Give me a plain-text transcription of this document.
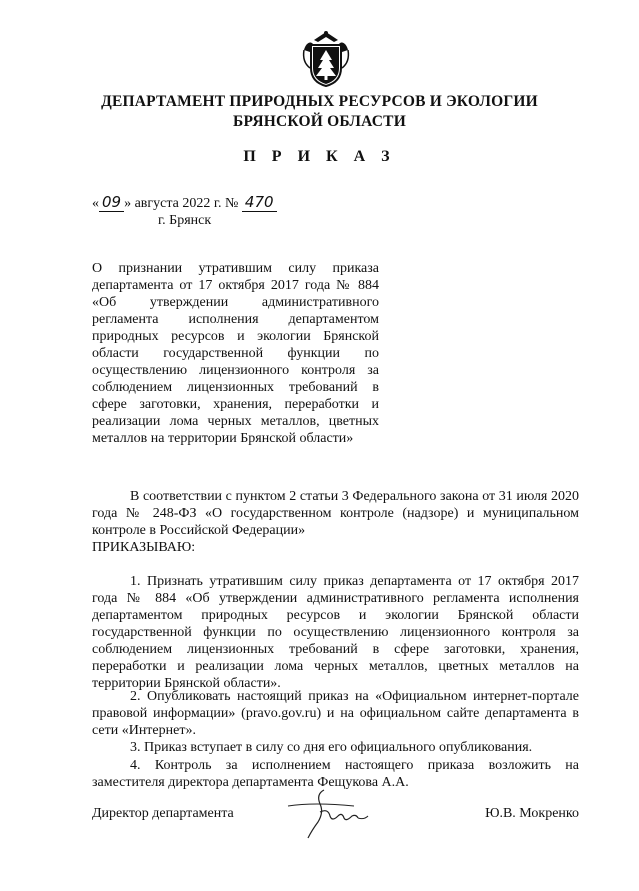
ДЕПАРТАМЕНТ ПРИРОДНЫХ РЕСУРСОВ И ЭКОЛОГИИ
БРЯНСКОЙ ОБЛАСТИ
П Р И К А З
« 09 » августа 2022 г. № 470
г. Брянск

О признании утратившим силу приказа департамента от 17 октября 2017 года № 884 «Об утверждении административного регламента исполнения департаментом природных ресурсов и экологии Брянской области государственной функции по осуществлению лицензионного контроля за соблюдением лицензионных требований в сфере заготовки, хранения, переработки и реализации лома черных металлов, цветных металлов на территории Брянской области»

В соответствии с пунктом 2 статьи 3 Федерального закона от 31 июля 2020 года № 248-ФЗ «О государственном контроле (надзоре) и муниципальном контроле в Российской Федерации»

ПРИКАЗЫВАЮ:

1. Признать утратившим силу приказ департамента от 17 октября 2017 года № 884 «Об утверждении административного регламента исполнения департаментом природных ресурсов и экологии Брянской области государственной функции по осуществлению лицензионного контроля за соблюдением лицензионных требований в сфере заготовки, хранения, переработки и реализации лома черных металлов, цветных металлов на территории Брянской области».

2. Опубликовать настоящий приказ на «Официальном интернет-портале правовой информации» (pravo.gov.ru) и на официальном сайте департамента в сети «Интернет».

3. Приказ вступает в силу со дня его официального опубликования.

4. Контроль за исполнением настоящего приказа возложить на заместителя директора департамента Фещукова А.А.

Директор департамента	Ю.В. Мокренко
